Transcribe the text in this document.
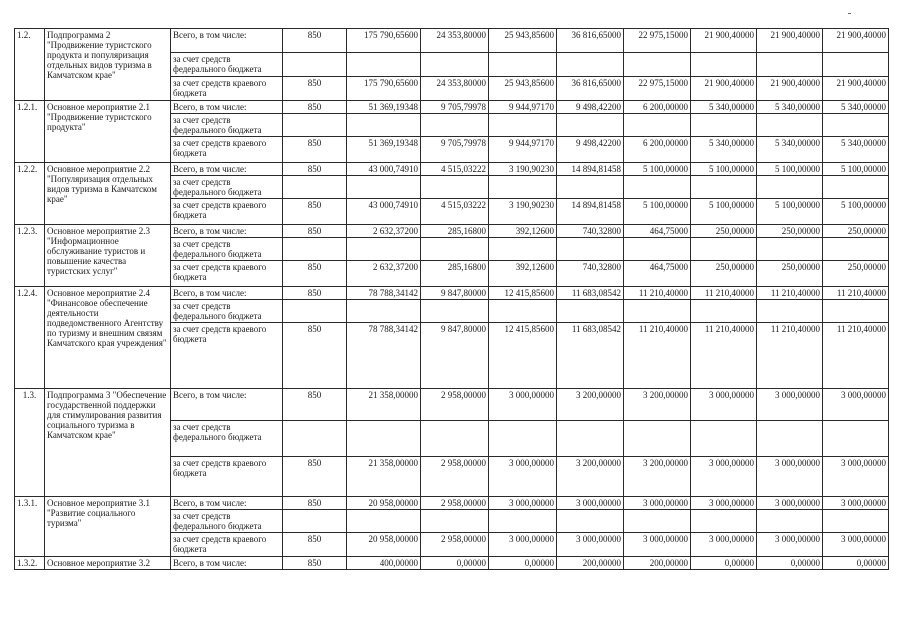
1.2.	Подпрограмма 2 "Продвижение туристского продукта и популяризация отдельных видов туризма в Камчатском крае"	Всего, в том числе:	850	175 790,65600	24 353,80000	25 943,85600	36 816,65000	22 975,15000	21 900,40000	21 900,40000	21 900,40000
		за счет средств федерального бюджета									
		за счет средств краевого бюджета	850	175 790,65600	24 353,80000	25 943,85600	36 816,65000	22 975,15000	21 900,40000	21 900,40000	21 900,40000
1.2.1.	Основное мероприятие 2.1 "Продвижение туристского продукта"	Всего, в том числе:	850	51 369,19348	9 705,79978	9 944,97170	9 498,42200	6 200,00000	5 340,00000	5 340,00000	5 340,00000
		за счет средств федерального бюджета									
		за счет средств краевого бюджета	850	51 369,19348	9 705,79978	9 944,97170	9 498,42200	6 200,00000	5 340,00000	5 340,00000	5 340,00000
1.2.2.	Основное мероприятие 2.2 "Популяризация отдельных видов туризма в Камчатском крае"	Всего, в том числе:	850	43 000,74910	4 515,03222	3 190,90230	14 894,81458	5 100,00000	5 100,00000	5 100,00000	5 100,00000
		за счет средств федерального бюджета									
		за счет средств краевого бюджета	850	43 000,74910	4 515,03222	3 190,90230	14 894,81458	5 100,00000	5 100,00000	5 100,00000	5 100,00000
1.2.3.	Основное мероприятие 2.3 "Информационное обслуживание туристов и повышение качества туристских услуг"	Всего, в том числе:	850	2 632,37200	285,16800	392,12600	740,32800	464,75000	250,00000	250,00000	250,00000
		за счет средств федерального бюджета									
		за счет средств краевого бюджета	850	2 632,37200	285,16800	392,12600	740,32800	464,75000	250,00000	250,00000	250,00000
1.2.4.	Основное мероприятие 2.4 "Финансовое обеспечение деятельности подведомственного Агентству по туризму и внешним связям Камчатского края учреждения"	Всего, в том числе:	850	78 788,34142	9 847,80000	12 415,85600	11 683,08542	11 210,40000	11 210,40000	11 210,40000	11 210,40000
		за счет средств федерального бюджета									
		за счет средств краевого бюджета	850	78 788,34142	9 847,80000	12 415,85600	11 683,08542	11 210,40000	11 210,40000	11 210,40000	11 210,40000
1.3.	Подпрограмма 3 "Обеспечение государственной поддержки для стимулирования развития социального туризма в Камчатском крае"	Всего, в том числе:	850	21 358,00000	2 958,00000	3 000,00000	3 200,00000	3 200,00000	3 000,00000	3 000,00000	3 000,00000
		за счет средств федерального бюджета									
		за счет средств краевого бюджета	850	21 358,00000	2 958,00000	3 000,00000	3 200,00000	3 200,00000	3 000,00000	3 000,00000	3 000,00000
1.3.1.	Основное мероприятие 3.1 "Развитие социального туризма"	Всего, в том числе:	850	20 958,00000	2 958,00000	3 000,00000	3 000,00000	3 000,00000	3 000,00000	3 000,00000	3 000,00000
		за счет средств федерального бюджета									
		за счет средств краевого бюджета	850	20 958,00000	2 958,00000	3 000,00000	3 000,00000	3 000,00000	3 000,00000	3 000,00000	3 000,00000
1.3.2.	Основное мероприятие 3.2	Всего, в том числе:	850	400,00000	0,00000	0,00000	200,00000	200,00000	0,00000	0,00000	0,00000
